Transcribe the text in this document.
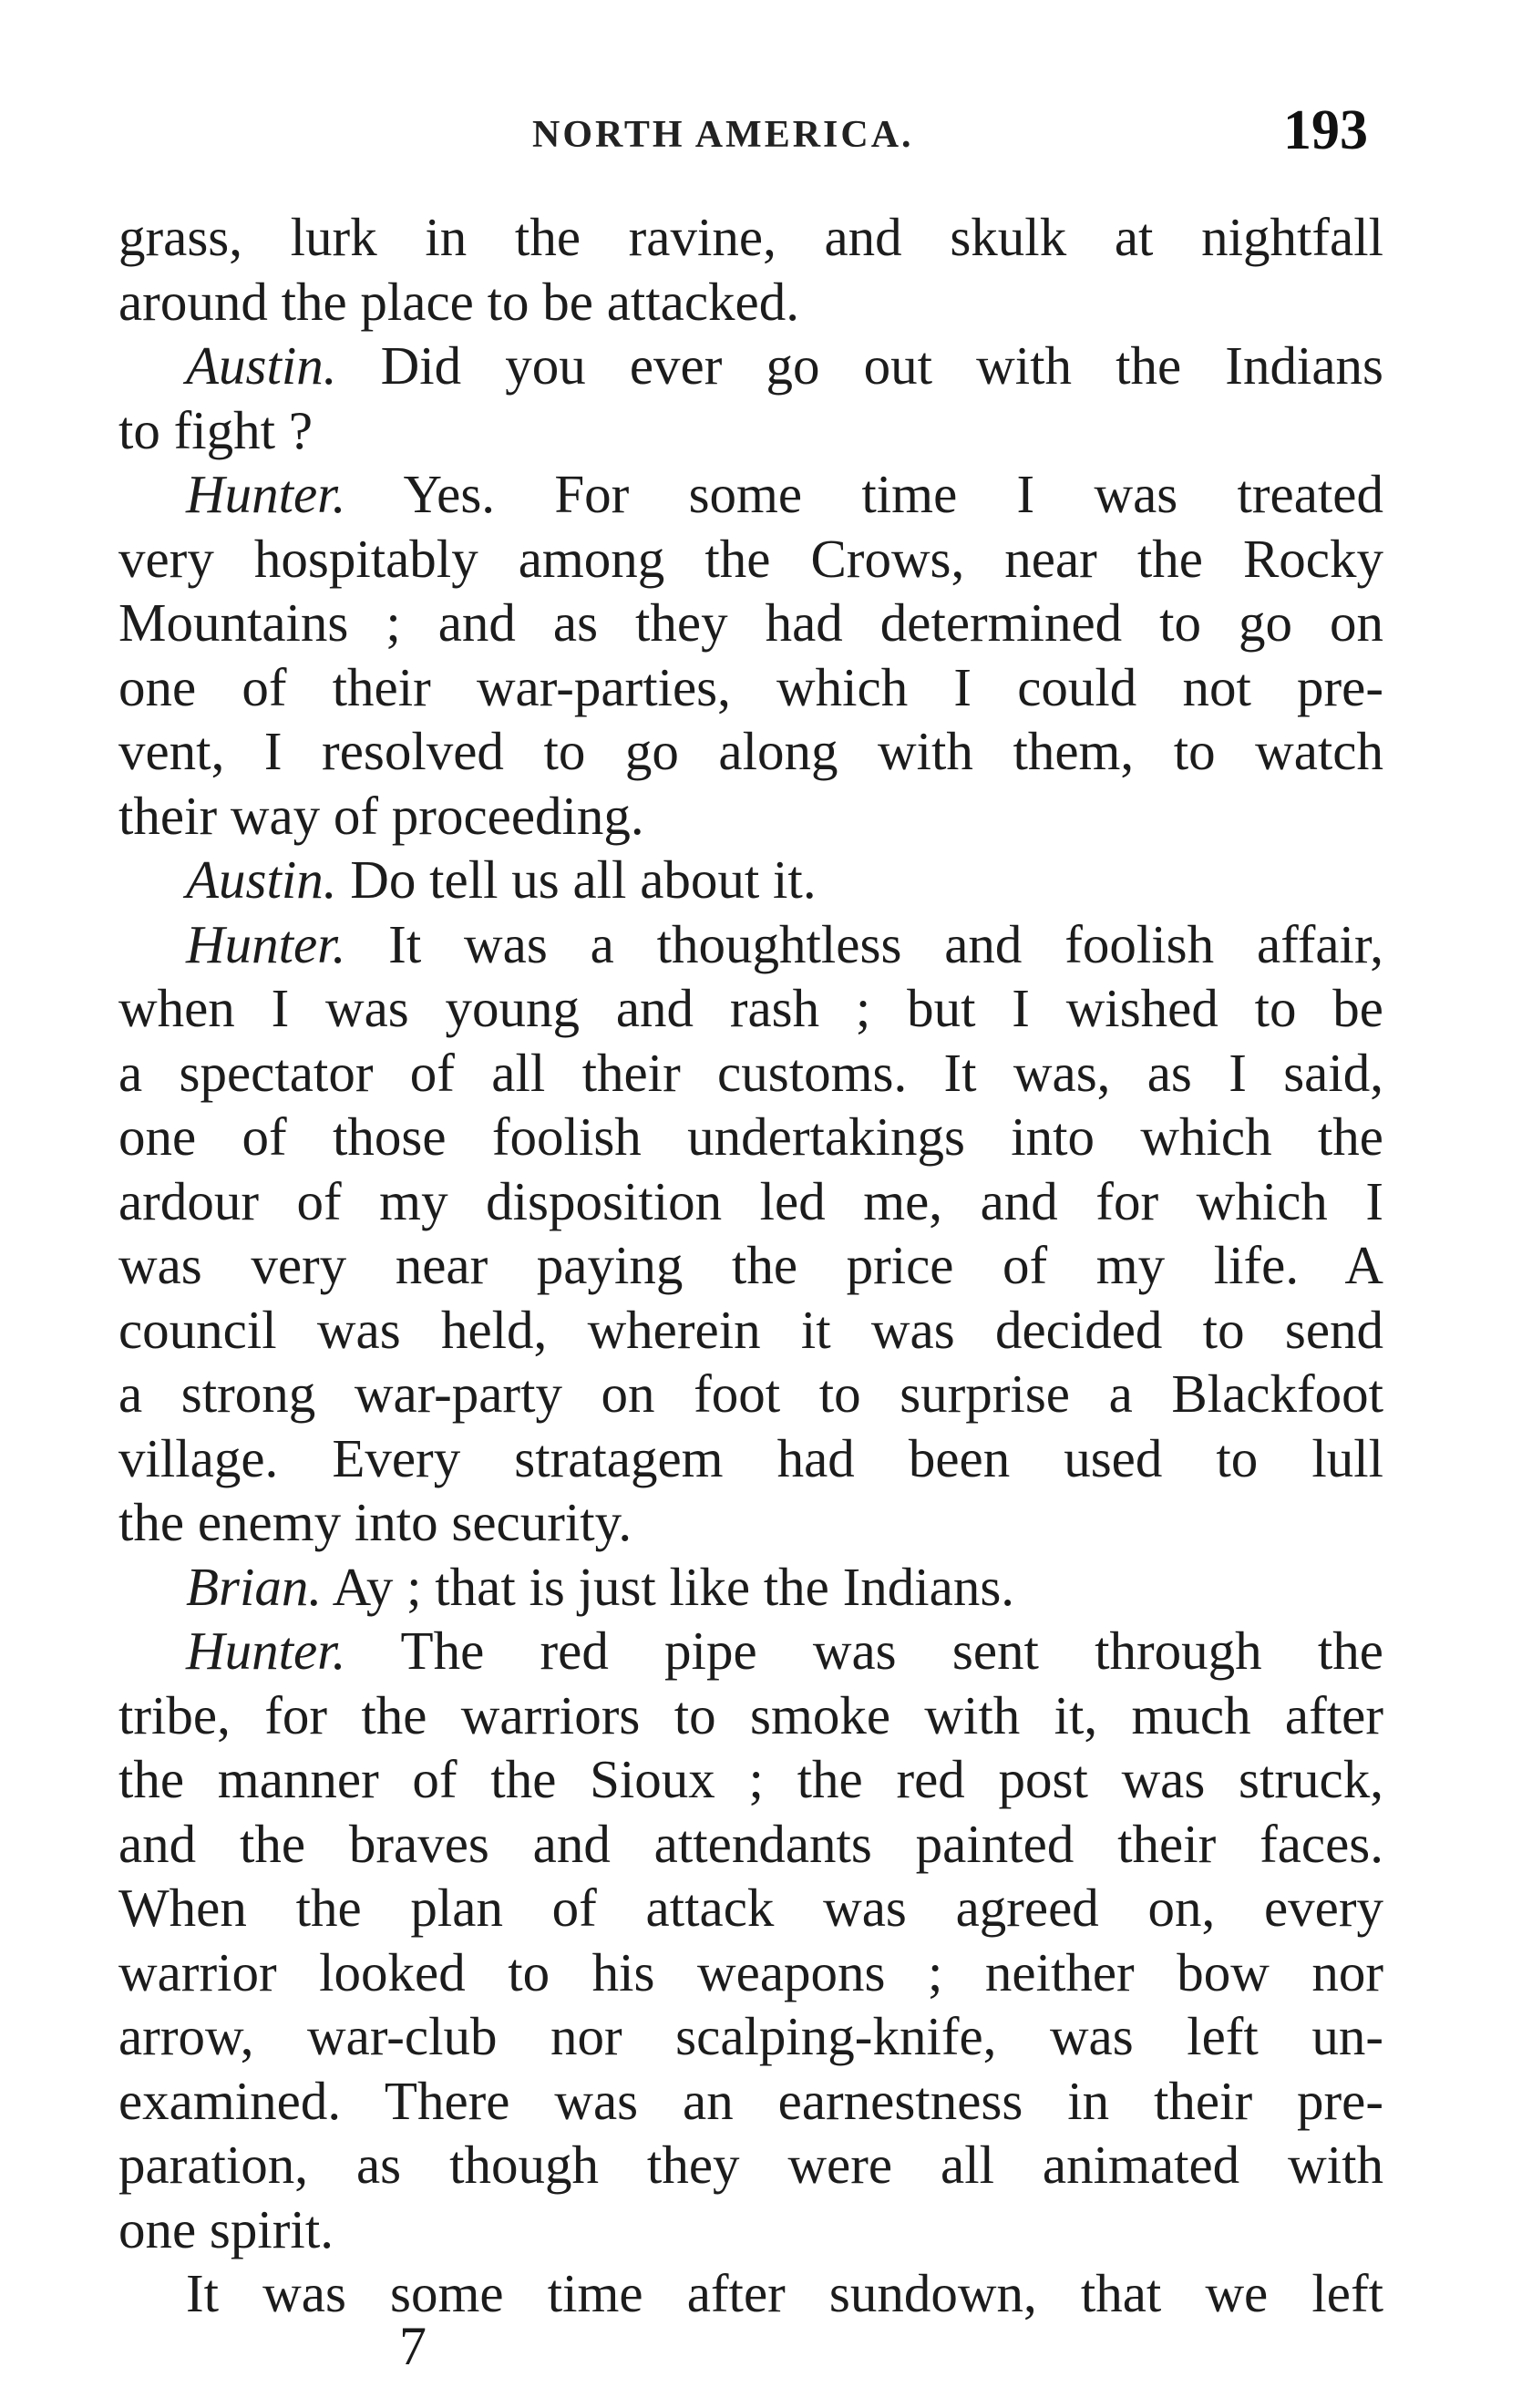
NORTH AMERICA.	193
grass, lurk in the ravine, and skulk at nightfall
around the place to be attacked.
Austin. Did you ever go out with the Indians
to fight ?
Hunter. Yes. For some time I was treated
very hospitably among the Crows, near the Rocky
Mountains ; and as they had determined to go on
one of their war-parties, which I could not pre-
vent, I resolved to go along with them, to watch
their way of proceeding.
Austin. Do tell us all about it.
Hunter. It was a thoughtless and foolish affair,
when I was young and rash ; but I wished to be
a spectator of all their customs. It was, as I said,
one of those foolish undertakings into which the
ardour of my disposition led me, and for which I
was very near paying the price of my life. A
council was held, wherein it was decided to send
a strong war-party on foot to surprise a Blackfoot
village. Every stratagem had been used to lull
the enemy into security.
Brian. Ay ; that is just like the Indians.
Hunter. The red pipe was sent through the
tribe, for the warriors to smoke with it, much after
the manner of the Sioux ; the red post was struck,
and the braves and attendants painted their faces.
When the plan of attack was agreed on, every
warrior looked to his weapons ; neither bow nor
arrow, war-club nor scalping-knife, was left un-
examined. There was an earnestness in their pre-
paration, as though they were all animated with
one spirit.
It was some time after sundown, that we left
7
